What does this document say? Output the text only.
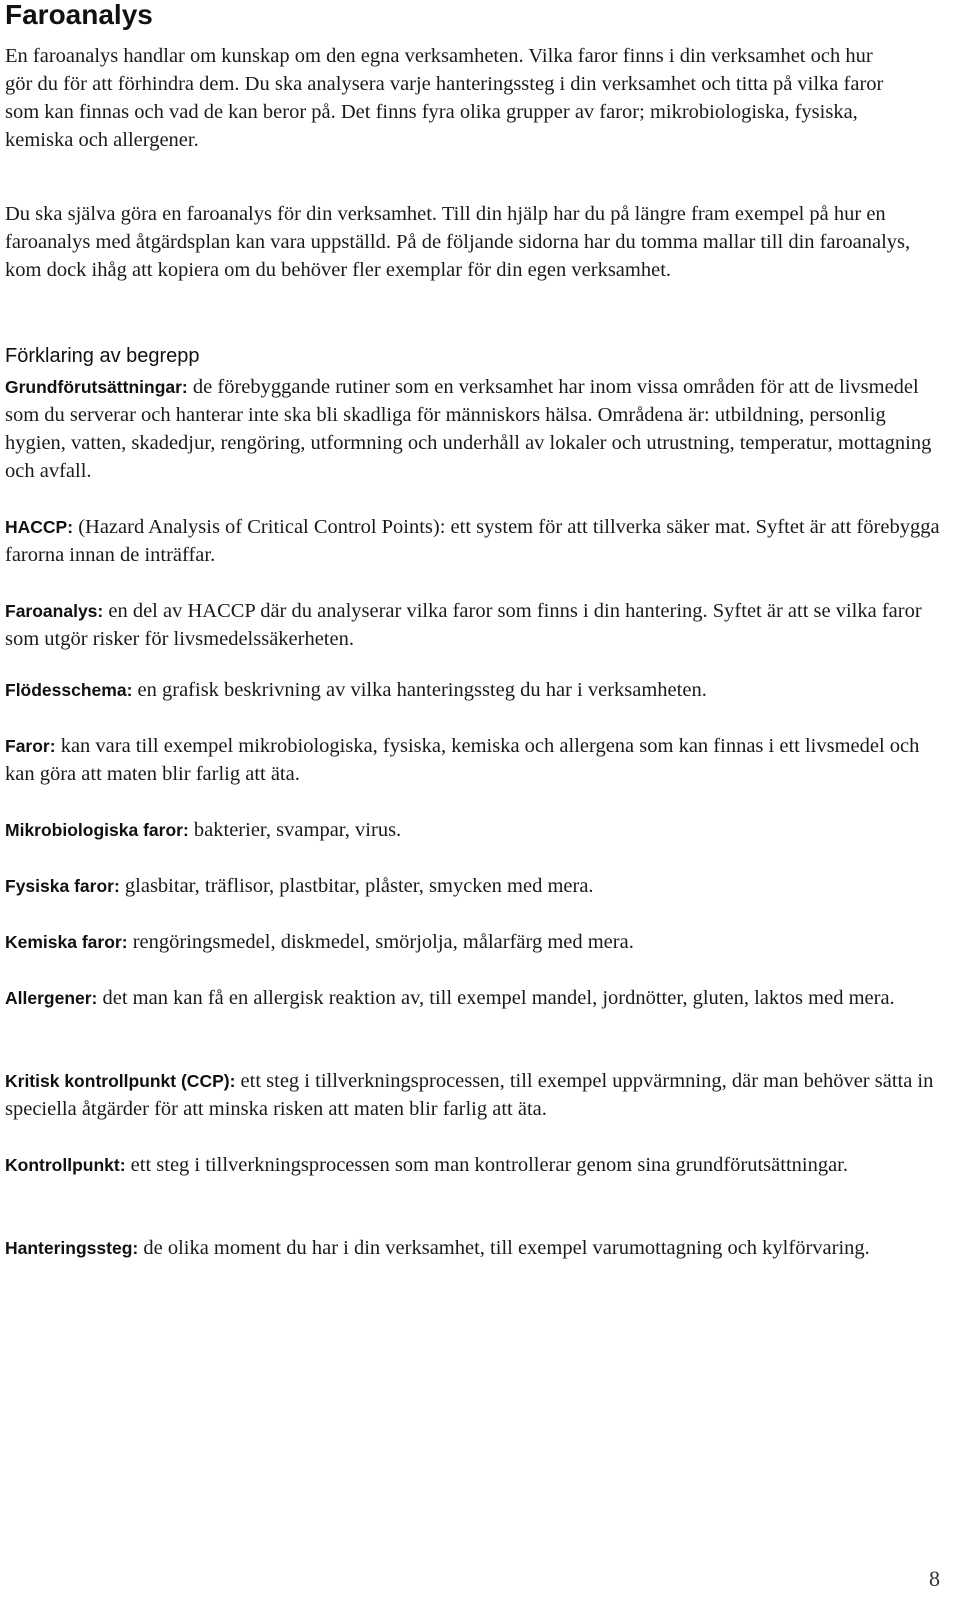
Faroanalys

En faroanalys handlar om kunskap om den egna verksamheten. Vilka faror finns i din verksamhet och hur gör du för att förhindra dem. Du ska analysera varje hanteringssteg i din verksamhet och titta på vilka faror som kan finnas och vad de kan beror på. Det finns fyra olika grupper av faror; mikrobiologiska, fysiska, kemiska och allergener.

Du ska själva göra en faroanalys för din verksamhet. Till din hjälp har du på längre fram exempel på hur en faroanalys med åtgärdsplan kan vara uppställd. På de följande sidorna har du tomma mallar till din faroanalys, kom dock ihåg att kopiera om du behöver fler exemplar för din egen verksamhet.

Förklaring av begrepp

Grundförutsättningar: de förebyggande rutiner som en verksamhet har inom vissa områden för att de livsmedel som du serverar och hanterar inte ska bli skadliga för människors hälsa. Områdena är: utbildning, personlig hygien, vatten, skadedjur, rengöring, utformning och underhåll av lokaler och utrustning, temperatur, mottagning och avfall.

HACCP: (Hazard Analysis of Critical Control Points): ett system för att tillverka säker mat. Syftet är att förebygga farorna innan de inträffar.

Faroanalys: en del av HACCP där du analyserar vilka faror som finns i din hantering. Syftet är att se vilka faror som utgör risker för livsmedelssäkerheten.

Flödesschema: en grafisk beskrivning av vilka hanteringssteg du har i verksamheten.

Faror: kan vara till exempel mikrobiologiska, fysiska, kemiska och allergena som kan finnas i ett livsmedel och kan göra att maten blir farlig att äta.

Mikrobiologiska faror: bakterier, svampar, virus.

Fysiska faror: glasbitar, träflisor, plastbitar, plåster, smycken med mera.

Kemiska faror: rengöringsmedel, diskmedel, smörjolja, målarfärg med mera.

Allergener: det man kan få en allergisk reaktion av, till exempel mandel, jordnötter, gluten, laktos med mera.

Kritisk kontrollpunkt (CCP): ett steg i tillverkningsprocessen, till exempel uppvärmning, där man behöver sätta in speciella åtgärder för att minska risken att maten blir farlig att äta.

Kontrollpunkt: ett steg i tillverkningsprocessen som man kontrollerar genom sina grundförutsättningar.

Hanteringssteg: de olika moment du har i din verksamhet, till exempel varumottagning och kylförvaring.

8
